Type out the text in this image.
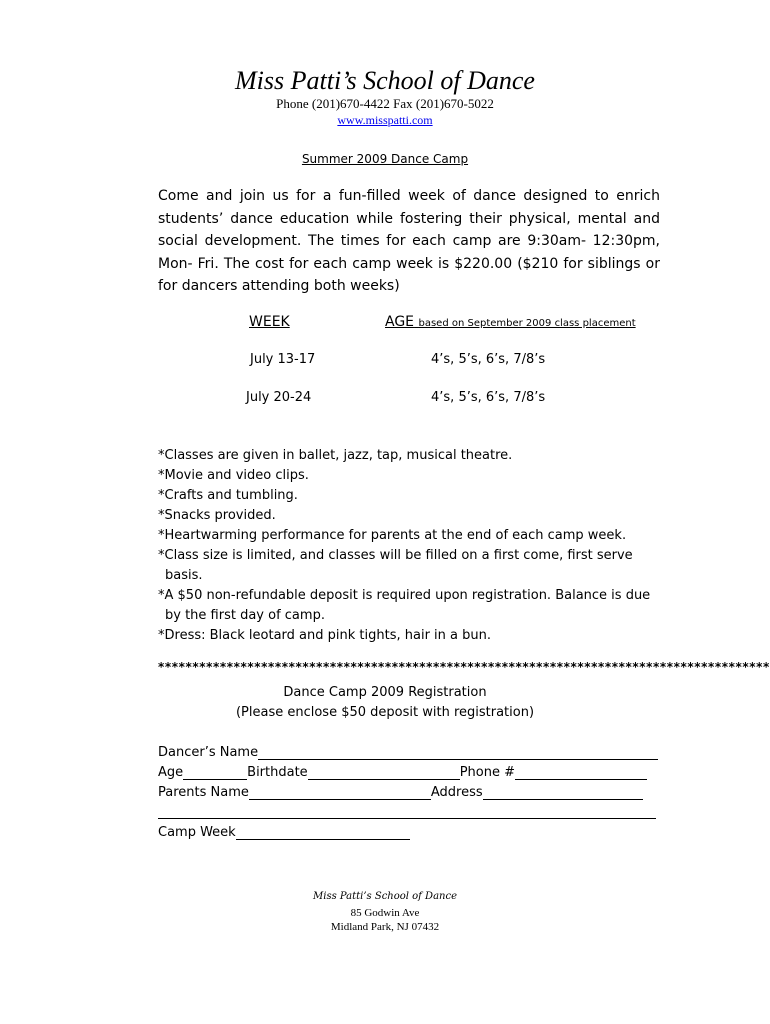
Miss Patti’s School of Dance
Phone (201)670-4422 Fax (201)670-5022
www.misspatti.com
Summer 2009 Dance Camp

Come and join us for a fun-filled week of dance designed to enrich students’ dance education while fostering their physical, mental and social development. The times for each camp are 9:30am- 12:30pm, Mon- Fri. The cost for each camp week is $220.00 ($210 for siblings or for dancers attending both weeks)

WEEK	AGE based on September 2009 class placement
July 13-17	4’s, 5’s, 6’s, 7/8’s
July 20-24	4’s, 5’s, 6’s, 7/8’s
*Classes are given in ballet, jazz, tap, musical theatre.
*Movie and video clips.
*Crafts and tumbling.
*Snacks provided.
*Heartwarming performance for parents at the end of each camp week.
*Class size is limited, and classes will be filled on a first come, first serve basis.
*A $50 non-refundable deposit is required upon registration. Balance is due by the first day of camp.
*Dress: Black leotard and pink tights, hair in a bun.
*****************************************************************************************
Dance Camp 2009 Registration
(Please enclose $50 deposit with registration)
Dancer’s Name
Age	Birthdate	Phone #
Parents Name	Address
Camp Week
Miss Patti’s School of Dance
85 Godwin Ave
Midland Park, NJ 07432
